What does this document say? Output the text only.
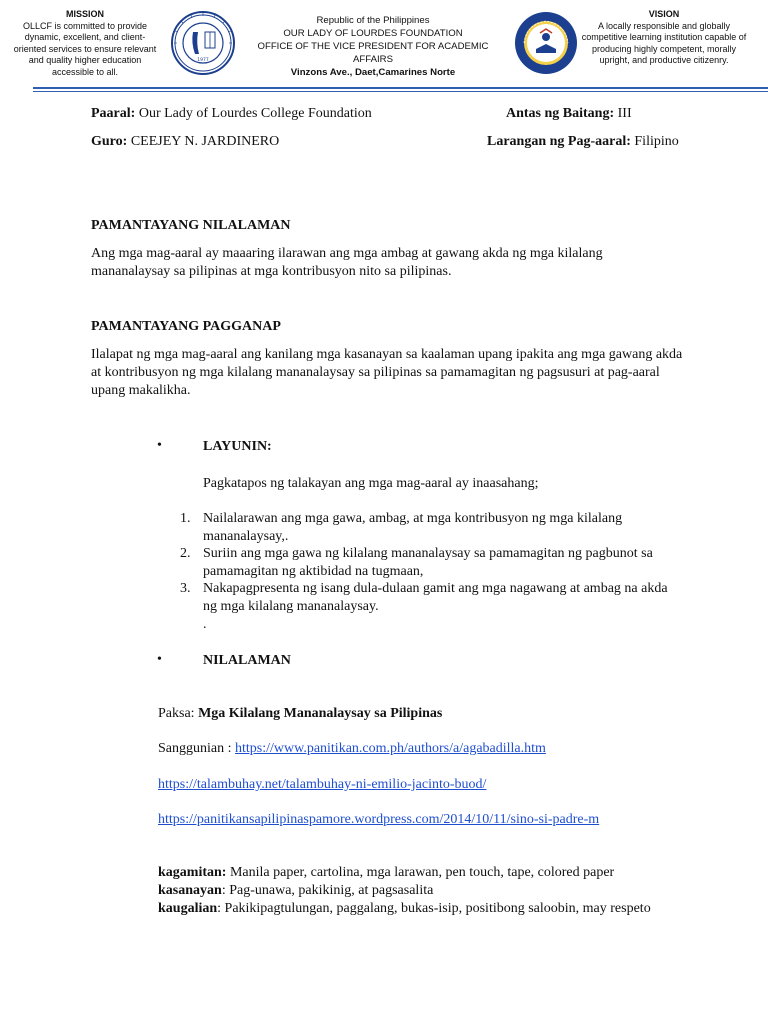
MISSION
OLLCF is committed to provide dynamic, excellent, and client-oriented services to ensure relevant and quality higher education accessible to all.
1977
Republic of the Philippines
OUR LADY OF LOURDES FOUNDATION
OFFICE OF THE VICE PRESIDENT FOR ACADEMIC AFFAIRS
Vinzons Ave., Daet,Camarines Norte
VISION
A locally responsible and globally competitive learning institution capable of producing highly competent, morally upright, and productive citizenry.
Paaral: Our Lady of Lourdes College Foundation	Antas ng Baitang: III
Guro: CEEJEY N. JARDINERO	Larangan ng Pag-aaral: Filipino
PAMANTAYANG NILALAMAN
Ang mga mag-aaral ay maaaring ilarawan ang mga ambag at gawang akda ng mga kilalang
mananalaysay sa pilipinas at mga kontribusyon nito sa pilipinas.
PAMANTAYANG PAGGANAP
Ilalapat ng mga mag-aaral ang kanilang mga kasanayan sa kaalaman upang ipakita ang mga gawang akda
at kontribusyon ng mga kilalang mananalaysay sa pilipinas sa pamamagitan ng pagsusuri at pag-aaral
upang makalikha.
•	LAYUNIN:
Pagkatapos ng talakayan ang mga mag-aaral ay inaasahang;
1. Nailalarawan ang mga gawa, ambag, at mga kontribusyon ng mga kilalang
mananalaysay,.
2. Suriin ang mga gawa ng kilalang mananalaysay sa pamamagitan ng pagbunot sa
pamamagitan ng aktibidad na tugmaan,
3. Nakapagpresenta ng isang dula-dulaan gamit ang mga nagawang at ambag na akda
ng mga kilalang mananalaysay.
.
•	NILALAMAN
Paksa: Mga Kilalang Mananalaysay sa Pilipinas
Sanggunian : https://www.panitikan.com.ph/authors/a/agabadilla.htm
https://talambuhay.net/talambuhay-ni-emilio-jacinto-buod/
https://panitikansapilipinaspamore.wordpress.com/2014/10/11/sino-si-padre-m
kagamitan: Manila paper, cartolina, mga larawan, pen touch, tape, colored paper
kasanayan: Pag-unawa, pakikinig, at pagsasalita
kaugalian: Pakikipagtulungan, paggalang, bukas-isip, positibong saloobin, may respeto
